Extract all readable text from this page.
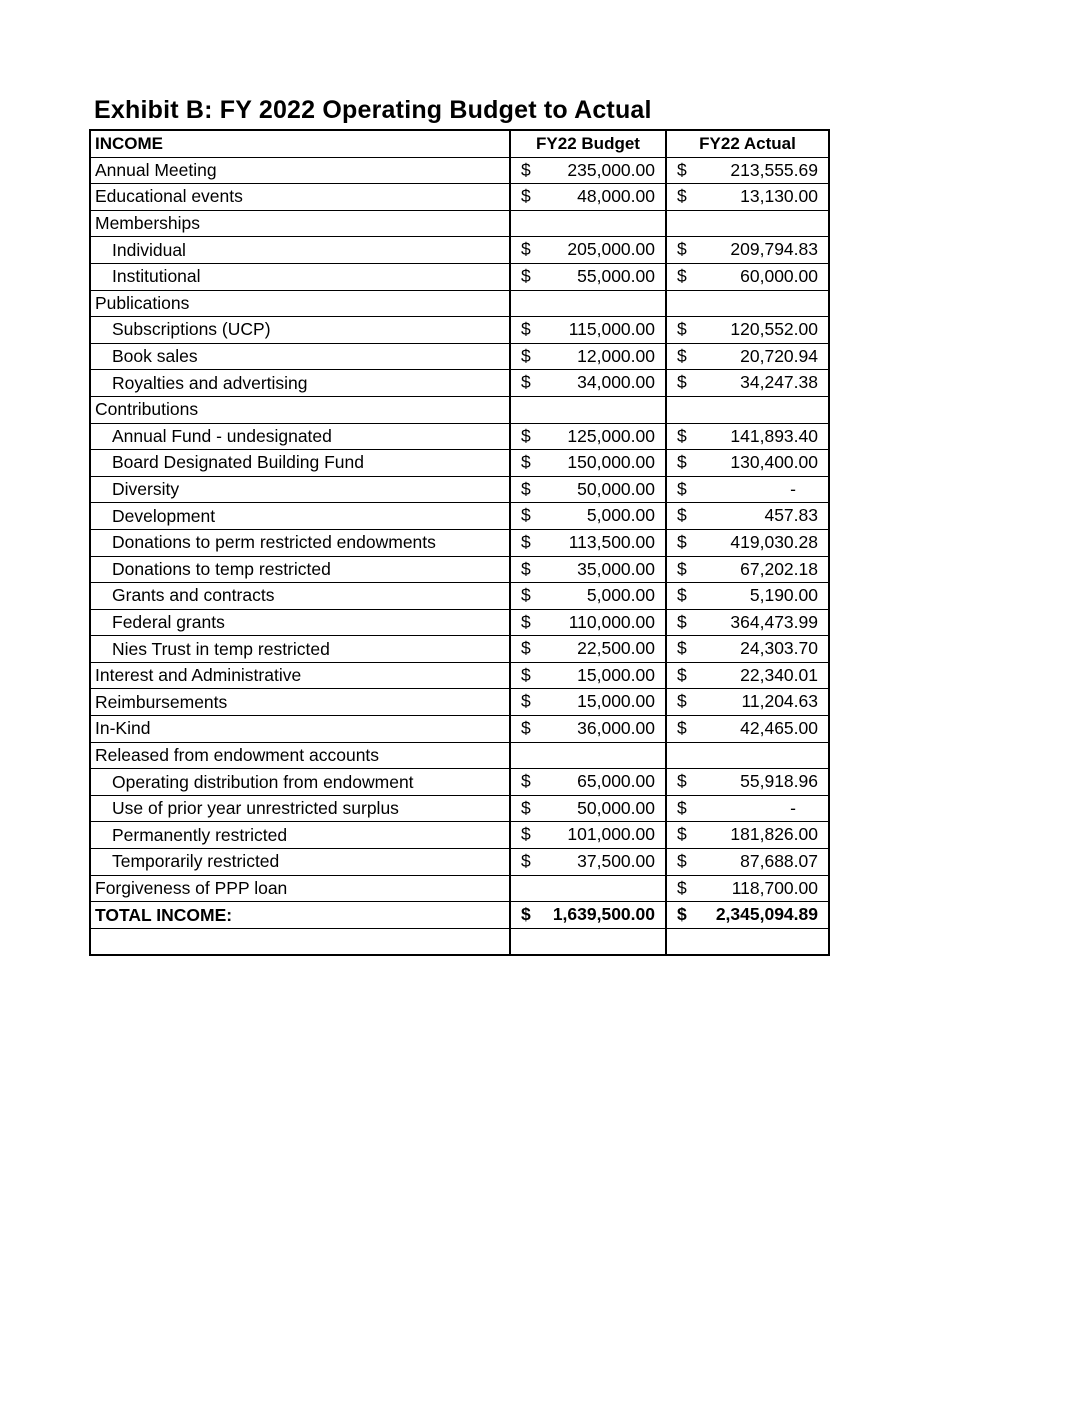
Exhibit B: FY 2022 Operating Budget to Actual
INCOME	FY22 Budget	FY22 Actual
Annual Meeting	$ 235,000.00	$ 213,555.69

Educational events	$ 48,000.00	$ 13,130.00

Memberships		
Individual	$ 205,000.00	$ 209,794.83

Institutional	$ 55,000.00	$ 60,000.00

Publications		
Subscriptions (UCP)	$ 115,000.00	$ 120,552.00

Book sales	$ 12,000.00	$ 20,720.94

Royalties and advertising	$ 34,000.00	$ 34,247.38

Contributions		
Annual Fund - undesignated	$ 125,000.00	$ 141,893.40

Board Designated Building Fund	$ 150,000.00	$ 130,400.00

Diversity	$ 50,000.00	$ -

Development	$ 5,000.00	$ 457.83

Donations to perm restricted endowments	$ 113,500.00	$ 419,030.28

Donations to temp restricted	$ 35,000.00	$ 67,202.18

Grants and contracts	$ 5,000.00	$ 5,190.00

Federal grants	$ 110,000.00	$ 364,473.99

Nies Trust in temp restricted	$ 22,500.00	$ 24,303.70

Interest and Administrative	$ 15,000.00	$ 22,340.01

Reimbursements	$ 15,000.00	$ 11,204.63

In-Kind	$ 36,000.00	$ 42,465.00

Released from endowment accounts		
Operating distribution from endowment	$ 65,000.00	$ 55,918.96

Use of prior year unrestricted surplus	$ 50,000.00	$ -

Permanently restricted	$ 101,000.00	$ 181,826.00

Temporarily restricted	$ 37,500.00	$ 87,688.07

Forgiveness of PPP loan		$ 118,700.00

TOTAL INCOME:	$ 1,639,500.00	$ 2,345,094.89
